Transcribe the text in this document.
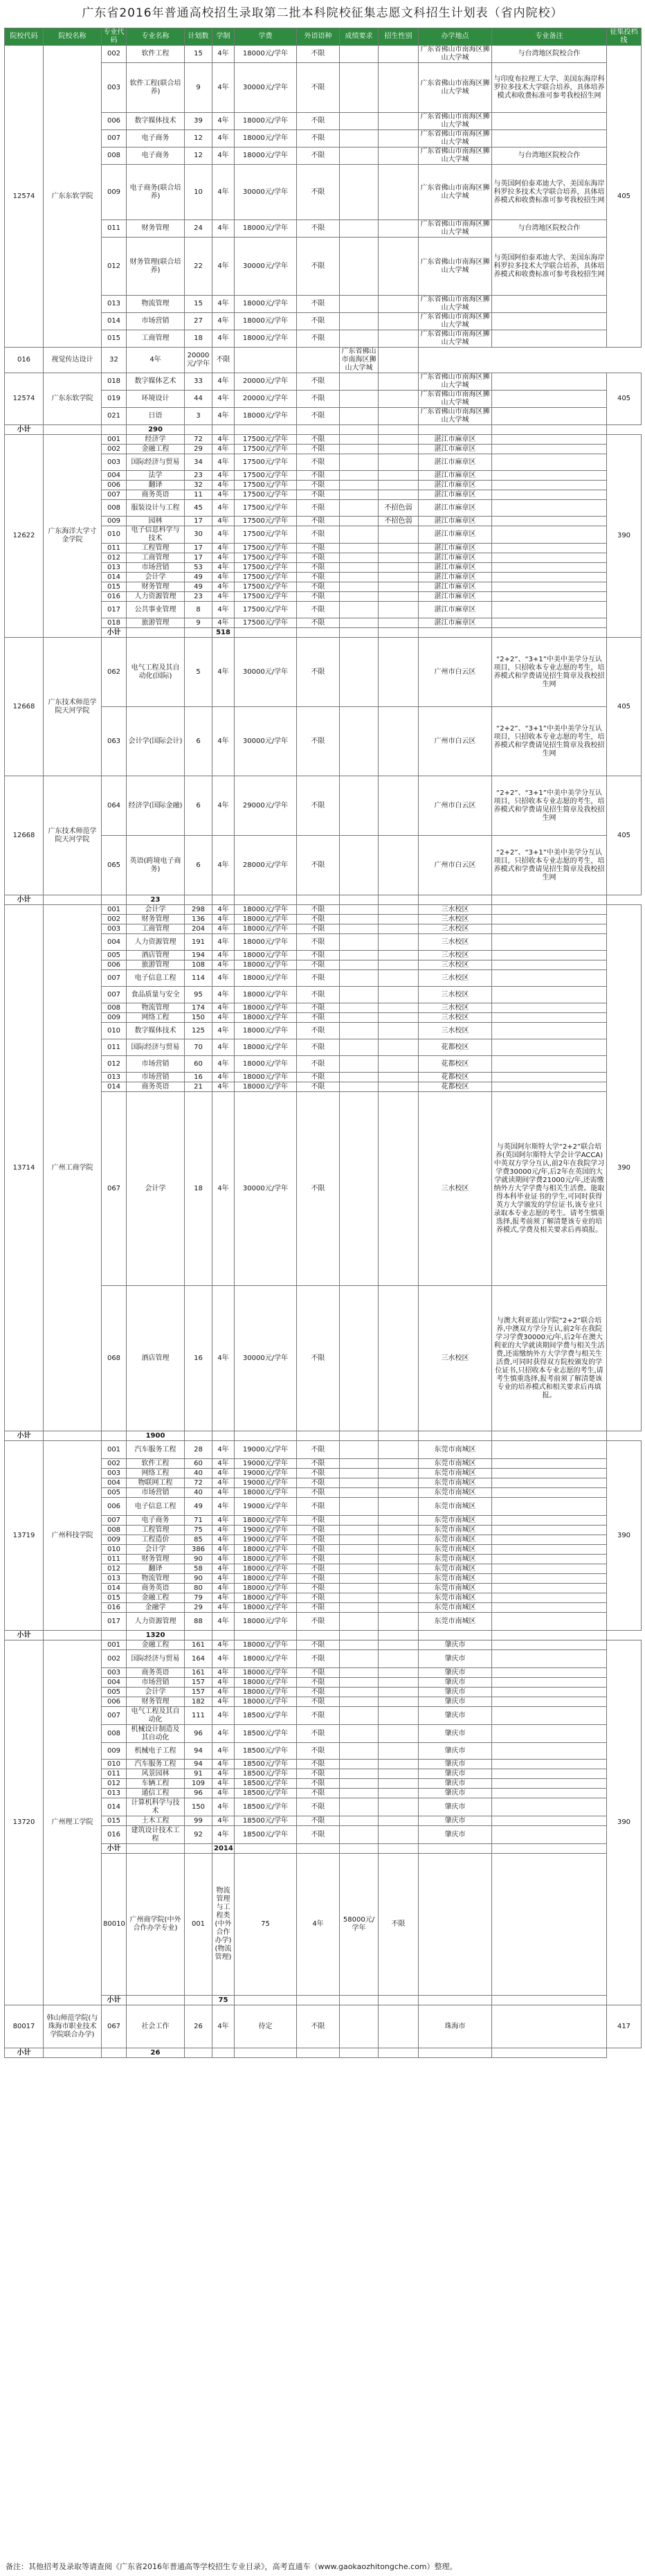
广东省2016年普通高校招生录取第二批本科院校征集志愿文科招生计划表（省内院校）
院校代码	院校名称	专业代码	专业名称	计划数	学制	学费	外语语种	成绩要求	招生性别	办学地点	专业备注	征集投档线	
12574	广东东软学院	002	软件工程	15	4年	18000元/学年	不限			广东省佛山市南海区狮山大学城	与台湾地区院校合作	405	
		003	软件工程(联合培养)	9	4年	30000元/学年	不限			广东省佛山市南海区狮山大学城	与印度布拉理工大学、美国东海岸科罗拉多技术大学联合培养，具体培养模式和收费标准可参考我校招生网		
		006	数字媒体技术	39	4年	18000元/学年	不限			广东省佛山市南海区狮山大学城			
		007	电子商务	12	4年	18000元/学年	不限			广东省佛山市南海区狮山大学城			
		008	电子商务	12	4年	18000元/学年	不限			广东省佛山市南海区狮山大学城	与台湾地区院校合作		
		009	电子商务(联合培养)	10	4年	30000元/学年	不限			广东省佛山市南海区狮山大学城	与英国阿伯泰邓迪大学、美国东海岸科罗拉多技术大学联合培养，具体培养模式和收费标准可参考我校招生网		
		011	财务管理	24	4年	18000元/学年	不限			广东省佛山市南海区狮山大学城	与台湾地区院校合作		
		012	财务管理(联合培养)	22	4年	30000元/学年	不限			广东省佛山市南海区狮山大学城	与英国阿伯泰邓迪大学、美国东海岸科罗拉多技术大学联合培养，具体培养模式和收费标准可参考我校招生网		
		013	物流管理	15	4年	18000元/学年	不限			广东省佛山市南海区狮山大学城			
		014	市场营销	27	4年	18000元/学年	不限			广东省佛山市南海区狮山大学城			
		015	工商管理	18	4年	18000元/学年	不限			广东省佛山市南海区狮山大学城			
016	视觉传达设计	32	4年	20000元/学年	不限			广东省佛山市南海区狮山大学城					
12574	广东东软学院	018	数字媒体艺术	33	4年	20000元/学年	不限			广东省佛山市南海区狮山大学城		405	
		019	环境设计	44	4年	20000元/学年	不限			广东省佛山市南海区狮山大学城			
		021	日语	3	4年	18000元/学年	不限			广东省佛山市南海区狮山大学城			
小计			290										
12622	广东海洋大学寸金学院	001	经济学	72	4年	17500元/学年	不限			湛江市麻章区		390	
		002	金融工程	29	4年	17500元/学年	不限			湛江市麻章区			
		003	国际经济与贸易	34	4年	17500元/学年	不限			湛江市麻章区			
		004	法学	23	4年	17500元/学年	不限			湛江市麻章区			
		006	翻译	32	4年	17500元/学年	不限			湛江市麻章区			
		007	商务英语	11	4年	17500元/学年	不限			湛江市麻章区			
		008	服装设计与工程	45	4年	17500元/学年	不限		不招色弱	湛江市麻章区			
		009	园林	17	4年	17500元/学年	不限		不招色弱	湛江市麻章区			
		010	电子信息科学与技术	30	4年	17500元/学年	不限			湛江市麻章区			
		011	工程管理	17	4年	17500元/学年	不限			湛江市麻章区			
		012	工商管理	17	4年	17500元/学年	不限			湛江市麻章区			
		013	市场营销	53	4年	17500元/学年	不限			湛江市麻章区			
		014	会计学	49	4年	17500元/学年	不限			湛江市麻章区			
		015	财务管理	49	4年	17500元/学年	不限			湛江市麻章区			
		016	人力资源管理	23	4年	17500元/学年	不限			湛江市麻章区			
		017	公共事业管理	8	4年	17500元/学年	不限			湛江市麻章区			
		018	旅游管理	9	4年	17500元/学年	不限			湛江市麻章区			
		小计			518								
12668	广东技术师范学院天河学院	062	电气工程及其自动化(国际)	5	4年	30000元/学年	不限			广州市白云区	“2+2”、“3+1”中美中美学分互认项目，只招收本专业志愿的考生，培养模式和学费请见招生简章及我校招生网	405	
		063	会计学(国际会计)	6	4年	30000元/学年	不限			广州市白云区	“2+2”、“3+1”中美中美学分互认项目，只招收本专业志愿的考生，培养模式和学费请见招生简章及我校招生网		
12668	广东技术师范学院天河学院	064	经济学(国际金融)	6	4年	29000元/学年	不限			广州市白云区	“2+2”、“3+1”中美中美学分互认项目，只招收本专业志愿的考生，培养模式和学费请见招生简章及我校招生网	405	
		065	英语(跨境电子商务)	6	4年	28000元/学年	不限			广州市白云区	“2+2”、“3+1”中美中美学分互认项目，只招收本专业志愿的考生，培养模式和学费请见招生简章及我校招生网		
小计			23										
13714	广州工商学院	001	会计学	298	4年	18000元/学年	不限			三水校区		390	
		002	财务管理	136	4年	18000元/学年	不限			三水校区			
		003	工商管理	204	4年	18000元/学年	不限			三水校区			
		004	人力资源管理	191	4年	18000元/学年	不限			三水校区			
		005	酒店管理	194	4年	18000元/学年	不限			三水校区			
		006	旅游管理	108	4年	18000元/学年	不限			三水校区			
		007	电子信息工程	114	4年	18000元/学年	不限			三水校区			
		007	食品质量与安全	95	4年	18000元/学年	不限			三水校区			
		008	物流管理	174	4年	18000元/学年	不限			三水校区			
		009	网络工程	150	4年	18000元/学年	不限			三水校区			
		010	数字媒体技术	125	4年	18000元/学年	不限			三水校区			
		011	国际经济与贸易	70	4年	18000元/学年	不限			花都校区			
		012	市场营销	60	4年	18000元/学年	不限			花都校区			
		013	市场营销	16	4年	18000元/学年	不限			花都校区			
		014	商务英语	21	4年	18000元/学年	不限			花都校区			
		067	会计学	18	4年	30000元/学年	不限			三水校区	与英国阿尔斯特大学“2+2”联合培养(英国阿尔斯特大学会计学ACCA)中英双方学分互认,前2年在我院学习学费30000元/年,后2年在英国的大学就读期间学费21000元/年,还需缴纳外方大学学费与相关生活费。能取得本科毕业证书的学生,可同时获得英方大学颁发的学位证书,该专业只录取本专业志愿的考生。请考生慎重选择,报考前须了解清楚该专业的培养模式,学费及相关要求后再填报。		
		068	酒店管理	16	4年	30000元/学年	不限			三水校区	与澳大利亚蓝山学院“2+2”联合培养,中澳双方学分互认,前2年在我院学习学费30000元/年,后2年在澳大利亚的大学就读期间学费与相关生活费,还需缴纳外方大学学费与相关生活费,可同时获得双方院校颁发的学位证书,只招收本专业志愿的考生,请考生慎重选择,报考前须了解清楚该专业的培养模式和相关要求后再填报。		
小计			1900										
13719	广州科技学院	001	汽车服务工程	28	4年	19000元/学年	不限			东莞市南城区		390	
		002	软件工程	60	4年	19000元/学年	不限			东莞市南城区			
		003	网络工程	40	4年	19000元/学年	不限			东莞市南城区			
		004	物联网工程	72	4年	19000元/学年	不限			东莞市南城区			
		005	市场营销	40	4年	18000元/学年	不限			东莞市南城区			
		006	电子信息工程	49	4年	19000元/学年	不限			东莞市南城区			
		007	电子商务	71	4年	18000元/学年	不限			东莞市南城区			
		008	工程管理	75	4年	19000元/学年	不限			东莞市南城区			
		009	工程造价	85	4年	19000元/学年	不限			东莞市南城区			
		010	会计学	386	4年	18000元/学年	不限			东莞市南城区			
		011	财务管理	90	4年	18000元/学年	不限			东莞市南城区			
		012	翻译	58	4年	18000元/学年	不限			东莞市南城区			
		013	物流管理	90	4年	18000元/学年	不限			东莞市南城区			
		014	商务英语	80	4年	18000元/学年	不限			东莞市南城区			
		015	金融工程	79	4年	18000元/学年	不限			东莞市南城区			
		016	金融学	29	4年	18000元/学年	不限			东莞市南城区			
		017	人力资源管理	88	4年	18000元/学年	不限			东莞市南城区			
小计			1320										
13720	广州理工学院	001	金融工程	161	4年	18000元/学年	不限			肇庆市		390	
		002	国际经济与贸易	164	4年	18000元/学年	不限			肇庆市			
		003	商务英语	161	4年	18000元/学年	不限			肇庆市			
		004	市场营销	157	4年	18000元/学年	不限			肇庆市			
		005	会计学	157	4年	18000元/学年	不限			肇庆市			
		006	财务管理	182	4年	18000元/学年	不限			肇庆市			
		007	电气工程及其自动化	111	4年	18500元/学年	不限			肇庆市			
		008	机械设计制造及其自动化	96	4年	18500元/学年	不限			肇庆市			
		009	机械电子工程	94	4年	18500元/学年	不限			肇庆市			
		010	汽车服务工程	94	4年	18500元/学年	不限			肇庆市			
		011	风景园林	91	4年	18500元/学年	不限			肇庆市			
		012	车辆工程	109	4年	18500元/学年	不限			肇庆市			
		013	通信工程	96	4年	18500元/学年	不限			肇庆市			
		014	计算机科学与技术	150	4年	18500元/学年	不限			肇庆市			
		015	土木工程	99	4年	18500元/学年	不限			肇庆市			
		016	建筑设计技术工程	92	4年	18500元/学年	不限			肇庆市			
		小计			2014								
		80010	广州商学院(中外合作办学专业)	001	物流管理与工程类(中外合作办学)(物流管理)	75	4年	58000元/学年	不限					
		小计			75								
80017	韩山师范学院(与珠海市职业技术学院联合办学)	067	社会工作	26	4年	待定	不限			珠海市		417	
小计			26										
备注：其他招考及录取等请查阅《广东省2016年普通高等学校招生专业目录》，高考直通车（www.gaokaozhitongche.com）整理。
